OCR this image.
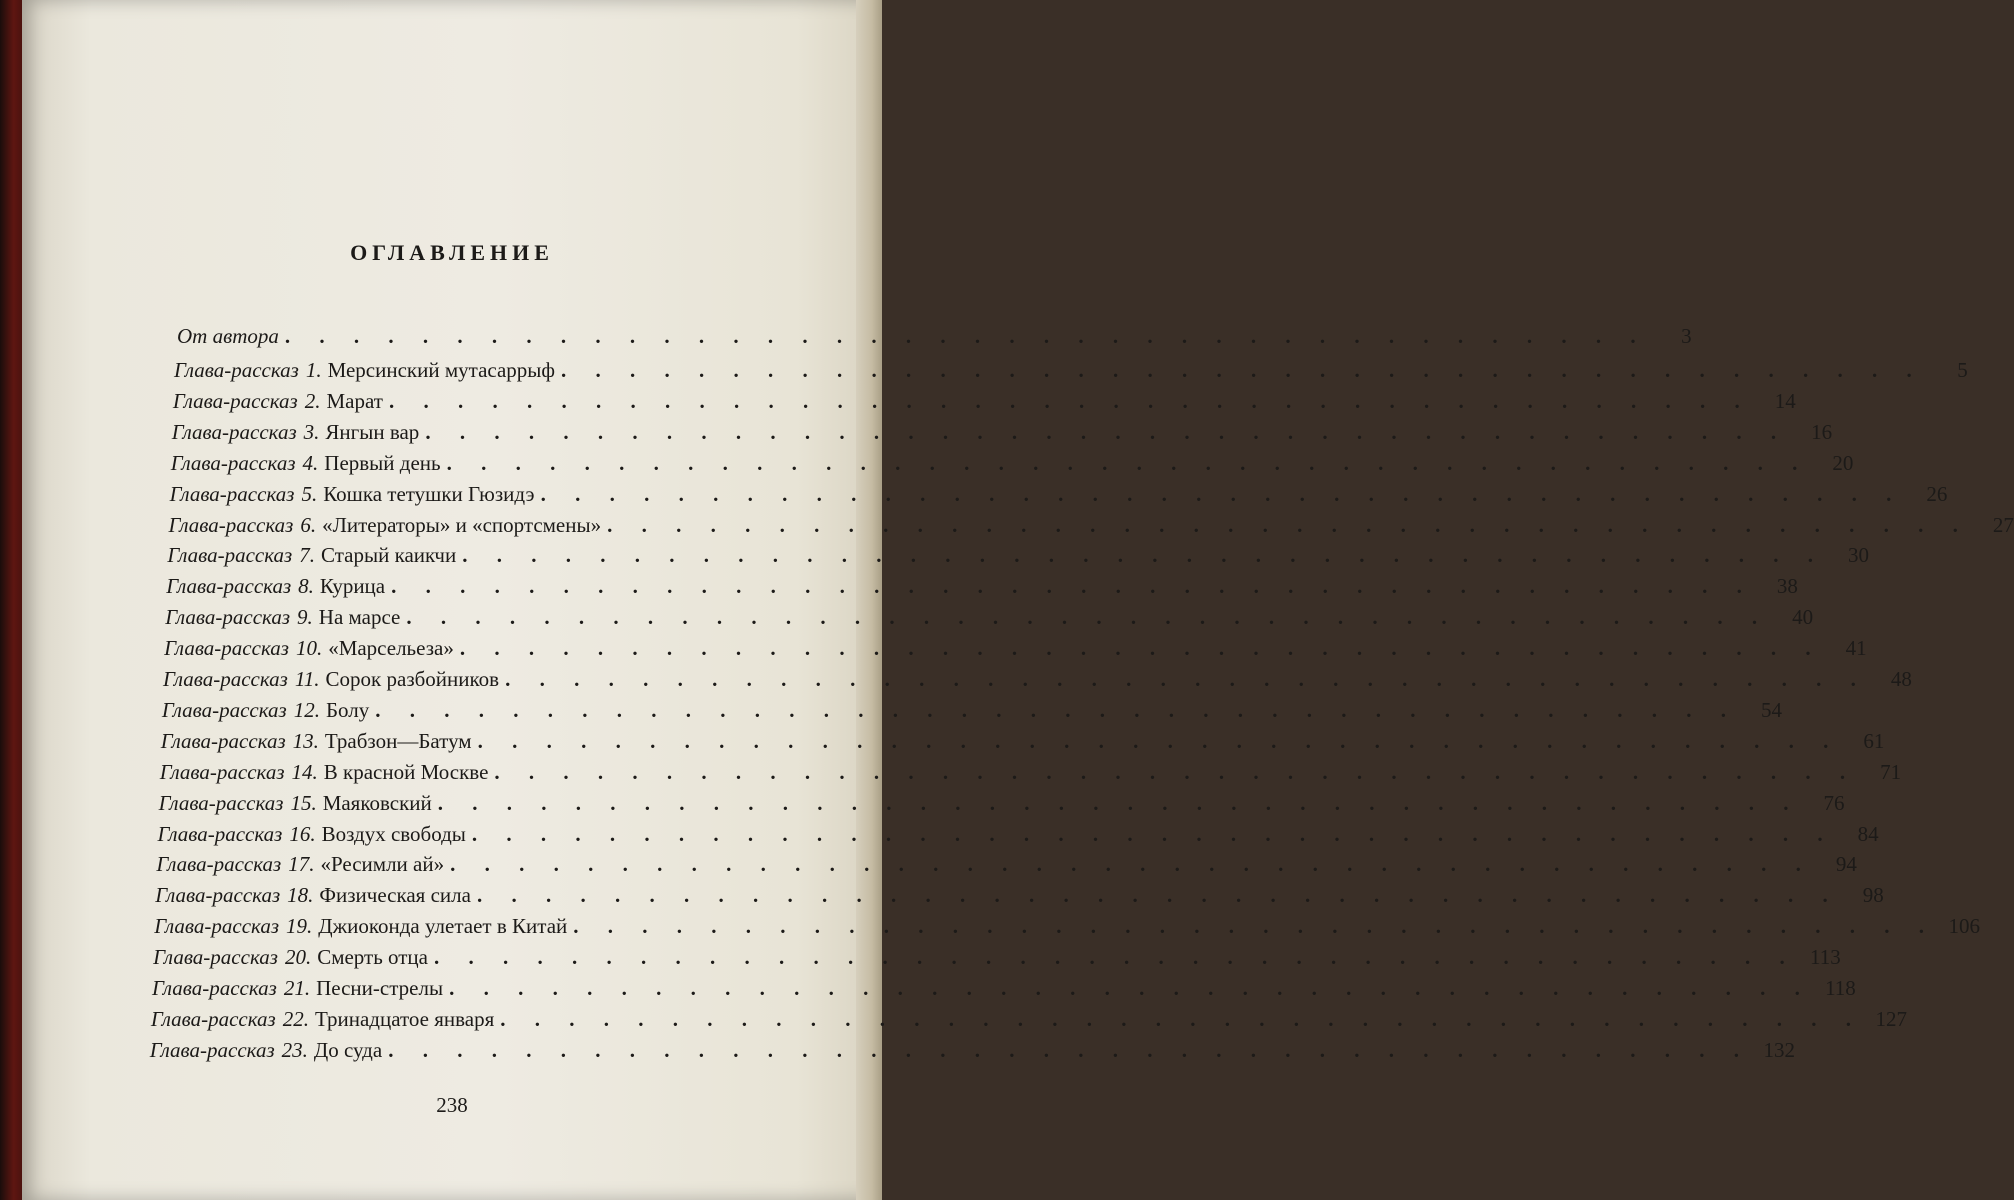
ОГЛАВЛЕНИЕ
От автора . . . . . . . . . . . . . . . . . . . . . . . . . . . . . . . . . . . . . . . .	3
Глава-рассказ 1. Мерсинский мутасаррыф . . . . . . . . . . . . . . . . . . . . . . . . . . . . . . . . . . . . . . . .	5
Глава-рассказ 2. Марат . . . . . . . . . . . . . . . . . . . . . . . . . . . . . . . . . . . . . . . .	14
Глава-рассказ 3. Янгын вар . . . . . . . . . . . . . . . . . . . . . . . . . . . . . . . . . . . . . . . .	16
Глава-рассказ 4. Первый день . . . . . . . . . . . . . . . . . . . . . . . . . . . . . . . . . . . . . . . .	20
Глава-рассказ 5. Кошка тетушки Гюзидэ . . . . . . . . . . . . . . . . . . . . . . . . . . . . . . . . . . . . . . . .	26
Глава-рассказ 6. «Литераторы» и «спортсмены» . . . . . . . . . . . . . . . . . . . . . . . . . . . . . . . . . . . . . . . .	27
Глава-рассказ 7. Старый каикчи . . . . . . . . . . . . . . . . . . . . . . . . . . . . . . . . . . . . . . . .	30
Глава-рассказ 8. Курица . . . . . . . . . . . . . . . . . . . . . . . . . . . . . . . . . . . . . . . .	38
Глава-рассказ 9. На марсе . . . . . . . . . . . . . . . . . . . . . . . . . . . . . . . . . . . . . . . .	40
Глава-рассказ 10. «Марсельеза» . . . . . . . . . . . . . . . . . . . . . . . . . . . . . . . . . . . . . . . .	41
Глава-рассказ 11. Сорок разбойников . . . . . . . . . . . . . . . . . . . . . . . . . . . . . . . . . . . . . . . .	48
Глава-рассказ 12. Болу . . . . . . . . . . . . . . . . . . . . . . . . . . . . . . . . . . . . . . . .	54
Глава-рассказ 13. Трабзон—Батум . . . . . . . . . . . . . . . . . . . . . . . . . . . . . . . . . . . . . . . .	61
Глава-рассказ 14. В красной Москве . . . . . . . . . . . . . . . . . . . . . . . . . . . . . . . . . . . . . . . .	71
Глава-рассказ 15. Маяковский . . . . . . . . . . . . . . . . . . . . . . . . . . . . . . . . . . . . . . . .	76
Глава-рассказ 16. Воздух свободы . . . . . . . . . . . . . . . . . . . . . . . . . . . . . . . . . . . . . . . .	84
Глава-рассказ 17. «Ресимли ай» . . . . . . . . . . . . . . . . . . . . . . . . . . . . . . . . . . . . . . . .	94
Глава-рассказ 18. Физическая сила . . . . . . . . . . . . . . . . . . . . . . . . . . . . . . . . . . . . . . . .	98
Глава-рассказ 19. Джиоконда улетает в Китай . . . . . . . . . . . . . . . . . . . . . . . . . . . . . . . . . . . . . . . . 106
Глава-рассказ 20. Смерть отца . . . . . . . . . . . . . . . . . . . . . . . . . . . . . . . . . . . . . . . . 113
Глава-рассказ 21. Песни-стрелы . . . . . . . . . . . . . . . . . . . . . . . . . . . . . . . . . . . . . . . . 118
Глава-рассказ 22. Тринадцатое января . . . . . . . . . . . . . . . . . . . . . . . . . . . . . . . . . . . . . . . . 127
Глава-рассказ 23. До суда . . . . . . . . . . . . . . . . . . . . . . . . . . . . . . . . . . . . . . . . 132
238
